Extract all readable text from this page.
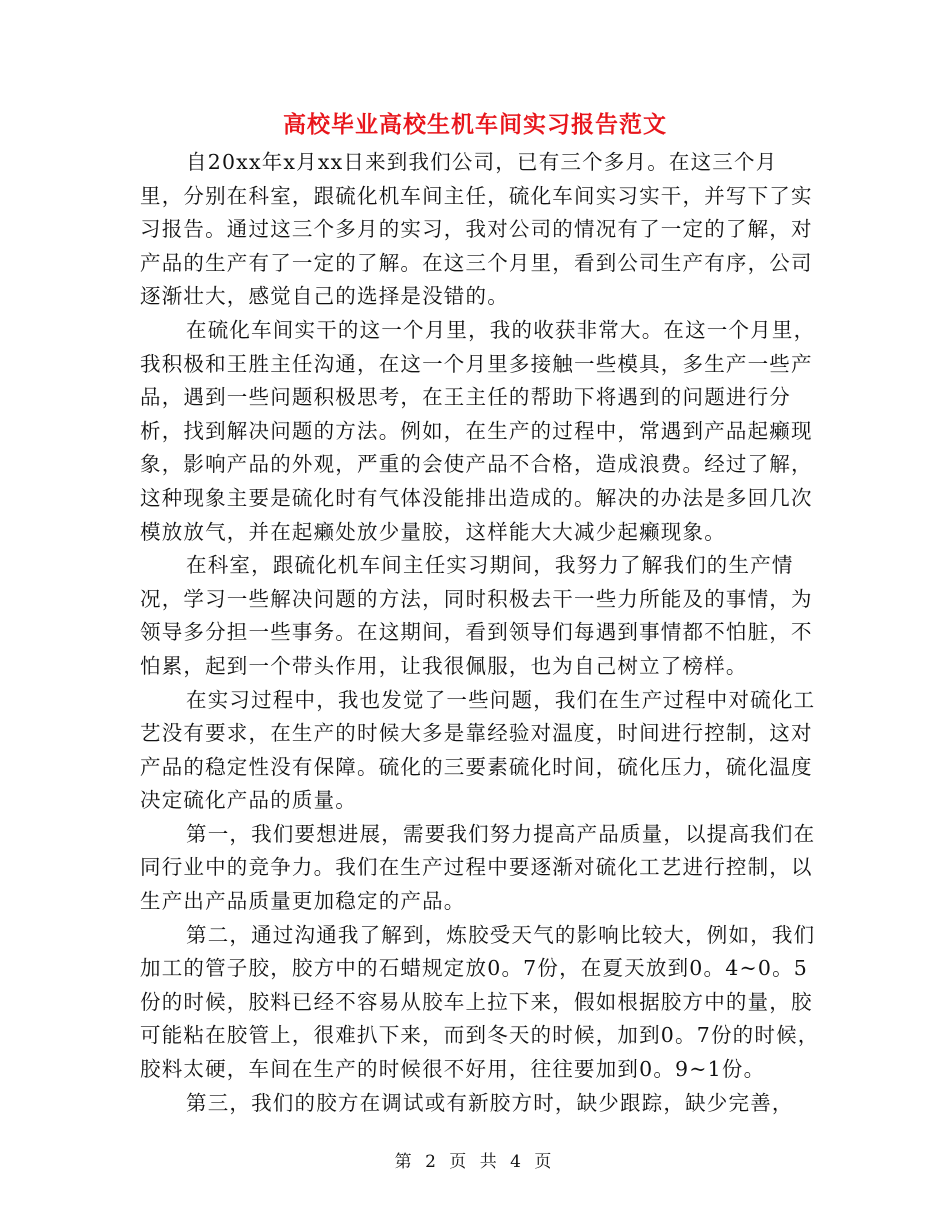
高校毕业高校生机车间实习报告范文

自20xx年x月xx日来到我们公司，已有三个多月。在这三个月里，分别在科室，跟硫化机车间主任，硫化车间实习实干，并写下了实习报告。通过这三个多月的实习，我对公司的情况有了一定的了解，对产品的生产有了一定的了解。在这三个月里，看到公司生产有序，公司逐渐壮大，感觉自己的选择是没错的。

在硫化车间实干的这一个月里，我的收获非常大。在这一个月里，我积极和王胜主任沟通，在这一个月里多接触一些模具，多生产一些产品，遇到一些问题积极思考，在王主任的帮助下将遇到的问题进行分析，找到解决问题的方法。例如，在生产的过程中，常遇到产品起癞现象，影响产品的外观，严重的会使产品不合格，造成浪费。经过了解，这种现象主要是硫化时有气体没能排出造成的。解决的办法是多回几次模放放气，并在起癞处放少量胶，这样能大大减少起癞现象。

在科室，跟硫化机车间主任实习期间，我努力了解我们的生产情况，学习一些解决问题的方法，同时积极去干一些力所能及的事情，为领导多分担一些事务。在这期间，看到领导们每遇到事情都不怕脏，不怕累，起到一个带头作用，让我很佩服，也为自己树立了榜样。

在实习过程中，我也发觉了一些问题，我们在生产过程中对硫化工艺没有要求，在生产的时候大多是靠经验对温度，时间进行控制，这对产品的稳定性没有保障。硫化的三要素硫化时间，硫化压力，硫化温度决定硫化产品的质量。

第一，我们要想进展，需要我们努力提高产品质量，以提高我们在同行业中的竞争力。我们在生产过程中要逐渐对硫化工艺进行控制，以生产出产品质量更加稳定的产品。

第二，通过沟通我了解到，炼胶受天气的影响比较大，例如，我们加工的管子胶，胶方中的石蜡规定放0。7份，在夏天放到0。4~0。5份的时候，胶料已经不容易从胶车上拉下来，假如根据胶方中的量，胶可能粘在胶管上，很难扒下来，而到冬天的时候，加到0。7份的时候，胶料太硬，车间在生产的时候很不好用，往往要加到0。9~1份。

第三，我们的胶方在调试或有新胶方时，缺少跟踪，缺少完善，

第 2 页 共 4 页
